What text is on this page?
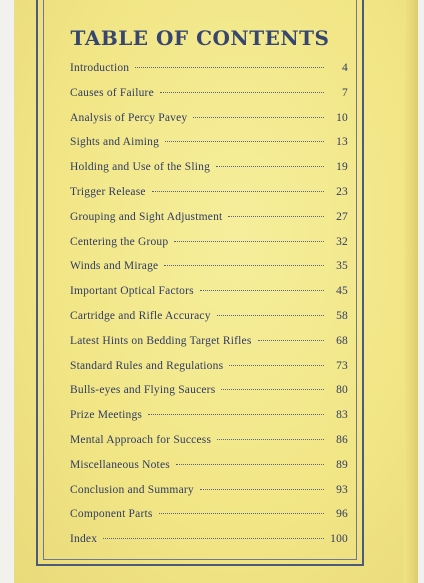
TABLE OF CONTENTS
Introduction	4
Causes of Failure	7
Analysis of Percy Pavey	10
Sights and Aiming	13
Holding and Use of the Sling	19
Trigger Release	23
Grouping and Sight Adjustment	27
Centering the Group	32
Winds and Mirage	35
Important Optical Factors	45
Cartridge and Rifle Accuracy	58
Latest Hints on Bedding Target Rifles	68
Standard Rules and Regulations	73
Bulls-eyes and Flying Saucers	80
Prize Meetings	83
Mental Approach for Success	86
Miscellaneous Notes	89
Conclusion and Summary	93
Component Parts	96
Index	100
